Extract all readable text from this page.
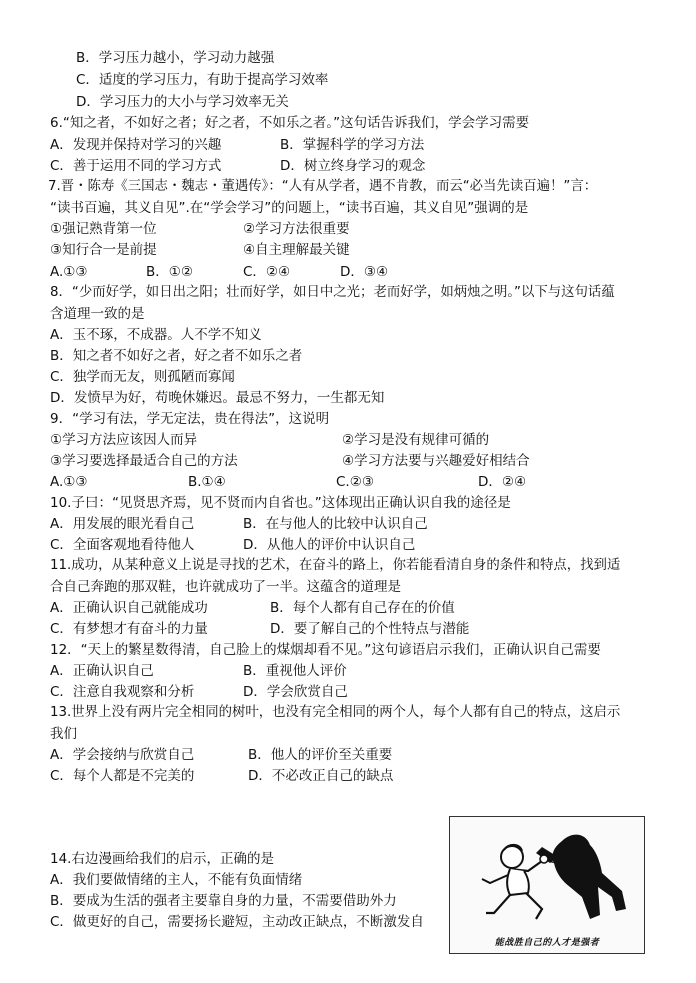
B．学习压力越小，学习动力越强
C．适度的学习压力，有助于提高学习效率
D．学习压力的大小与学习效率无关
6.“知之者，不如好之者；好之者，不如乐之者。”这句话告诉我们，学会学习需要
A．发现并保持对学习的兴趣	B．掌握科学的学习方法
C．善于运用不同的学习方式	D．树立终身学习的观念
7.晋・陈寿《三国志・魏志・董遇传》：“人有从学者，遇不肯教，而云“必当先读百遍！”言：
“读书百遍，其义自见”.在“学会学习”的问题上，“读书百遍，其义自见”强调的是
①强记熟背第一位	②学习方法很重要
③知行合一是前提	④自主理解最关键
A.①③	B．①②	C．②④	D．③④
8．“少而好学，如日出之阳；壮而好学，如日中之光；老而好学，如炳烛之明。”以下与这句话蕴
含道理一致的是
A．玉不琢，不成器。人不学不知义
B．知之者不如好之者，好之者不如乐之者
C．独学而无友，则孤陋而寡闻
D．发愤早为好，苟晚休嫌迟。最忌不努力，一生都无知
9．“学习有法，学无定法，贵在得法”，这说明
①学习方法应该因人而异	②学习是没有规律可循的
③学习要选择最适合自己的方法	④学习方法要与兴趣爱好相结合
A.①③	B.①④	C.②③	D．②④
10.子曰：“见贤思齐焉，见不贤而内自省也。”这体现出正确认识自我的途径是
A．用发展的眼光看自己	B．在与他人的比较中认识自己
C．全面客观地看待他人	D．从他人的评价中认识自己
11.成功，从某种意义上说是寻找的艺术，在奋斗的路上，你若能看清自身的条件和特点，找到适
合自己奔跑的那双鞋，也许就成功了一半。这蕴含的道理是
A．正确认识自己就能成功	B．每个人都有自己存在的价值
C．有梦想才有奋斗的力量	D．要了解自己的个性特点与潜能
12．“天上的繁星数得清，自己脸上的煤烟却看不见。”这句谚语启示我们，正确认识自己需要
A．正确认识自己	B．重视他人评价
C．注意自我观察和分析	D．学会欣赏自己
13.世界上没有两片完全相同的树叶，也没有完全相同的两个人，每个人都有自己的特点，这启示
我们
A．学会接纳与欣赏自己	B．他人的评价至关重要
C．每个人都是不完美的	D．不必改正自己的缺点
14.右边漫画给我们的启示，正确的是
A．我们要做情绪的主人，不能有负面情绪
B．要成为生活的强者主要靠自身的力量，不需要借助外力
C．做更好的自己，需要扬长避短，主动改正缺点，不断激发自
能战胜自己的人才是强者
